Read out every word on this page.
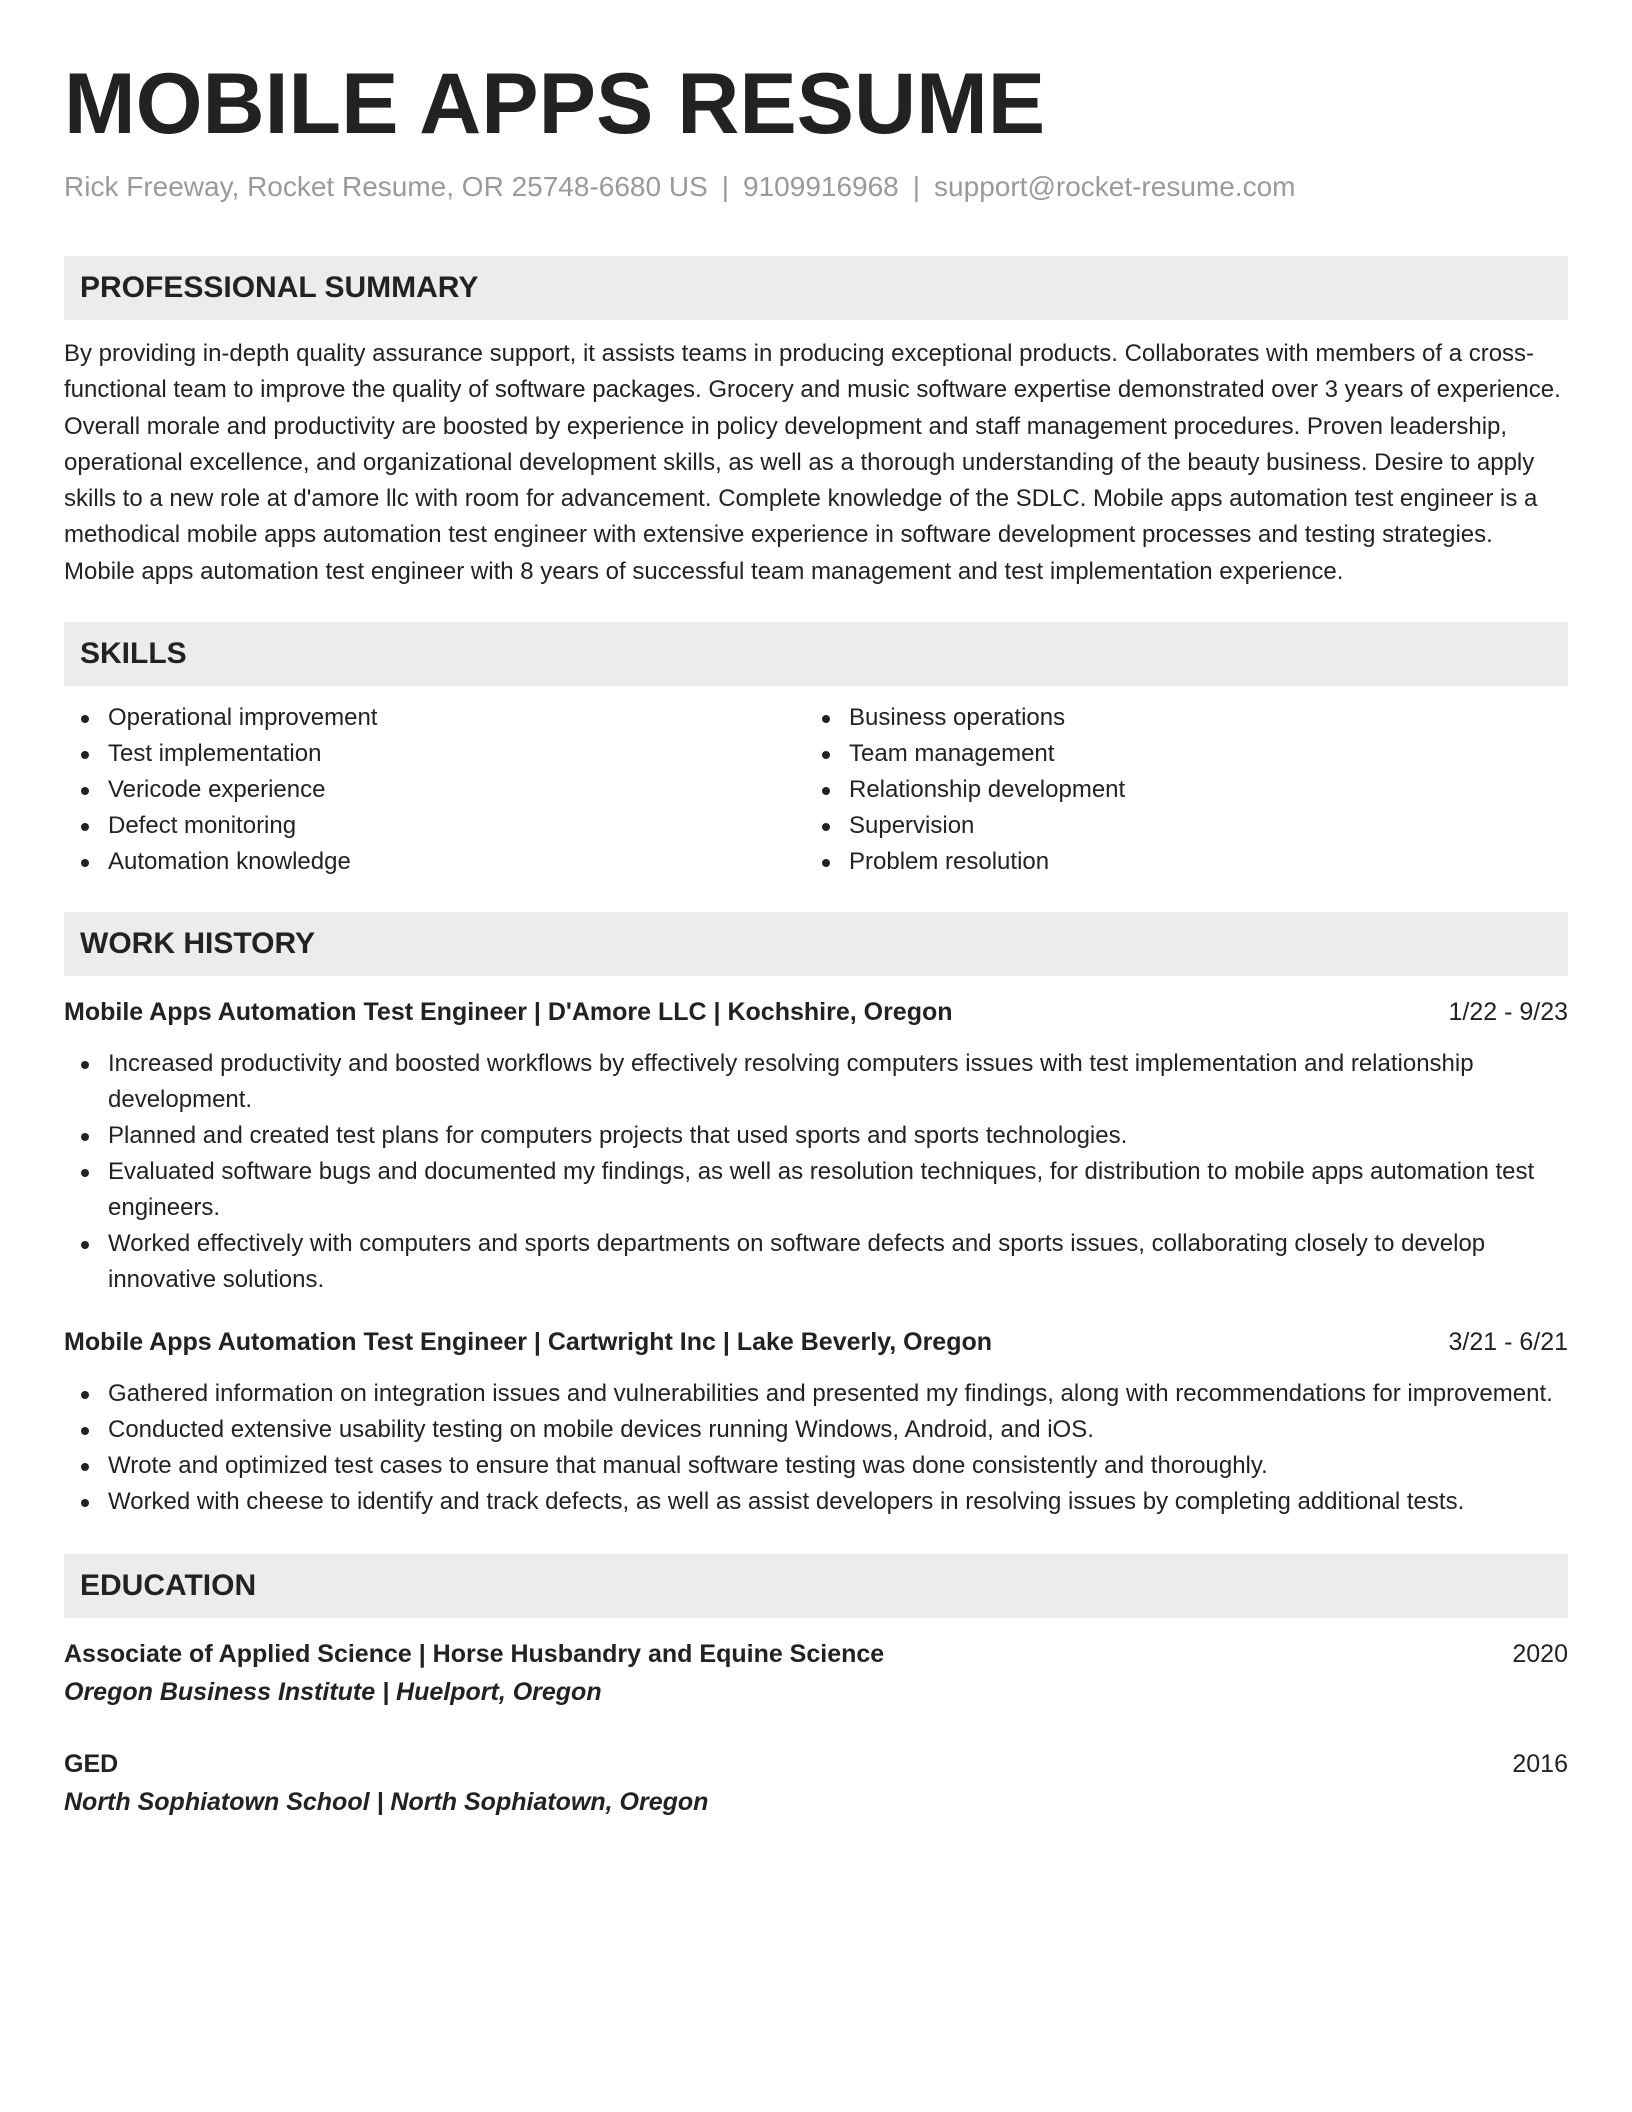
MOBILE APPS RESUME
Rick Freeway, Rocket Resume, OR 25748-6680 US | 9109916968 | support@rocket-resume.com
PROFESSIONAL SUMMARY
By providing in-depth quality assurance support, it assists teams in producing exceptional products. Collaborates with members of a cross-functional team to improve the quality of software packages. Grocery and music software expertise demonstrated over 3 years of experience. Overall morale and productivity are boosted by experience in policy development and staff management procedures. Proven leadership, operational excellence, and organizational development skills, as well as a thorough understanding of the beauty business. Desire to apply skills to a new role at d'amore llc with room for advancement. Complete knowledge of the SDLC. Mobile apps automation test engineer is a methodical mobile apps automation test engineer with extensive experience in software development processes and testing strategies. Mobile apps automation test engineer with 8 years of successful team management and test implementation experience.
SKILLS
Operational improvement
Test implementation
Vericode experience
Defect monitoring
Automation knowledge
Business operations
Team management
Relationship development
Supervision
Problem resolution
WORK HISTORY
Mobile Apps Automation Test Engineer | D'Amore LLC | Kochshire, Oregon	1/22 - 9/23
Increased productivity and boosted workflows by effectively resolving computers issues with test implementation and relationship development.
Planned and created test plans for computers projects that used sports and sports technologies.
Evaluated software bugs and documented my findings, as well as resolution techniques, for distribution to mobile apps automation test engineers.
Worked effectively with computers and sports departments on software defects and sports issues, collaborating closely to develop innovative solutions.
Mobile Apps Automation Test Engineer | Cartwright Inc | Lake Beverly, Oregon	3/21 - 6/21
Gathered information on integration issues and vulnerabilities and presented my findings, along with recommendations for improvement.
Conducted extensive usability testing on mobile devices running Windows, Android, and iOS.
Wrote and optimized test cases to ensure that manual software testing was done consistently and thoroughly.
Worked with cheese to identify and track defects, as well as assist developers in resolving issues by completing additional tests.
EDUCATION
Associate of Applied Science | Horse Husbandry and Equine Science	2020
Oregon Business Institute | Huelport, Oregon
GED	2016
North Sophiatown School | North Sophiatown, Oregon
